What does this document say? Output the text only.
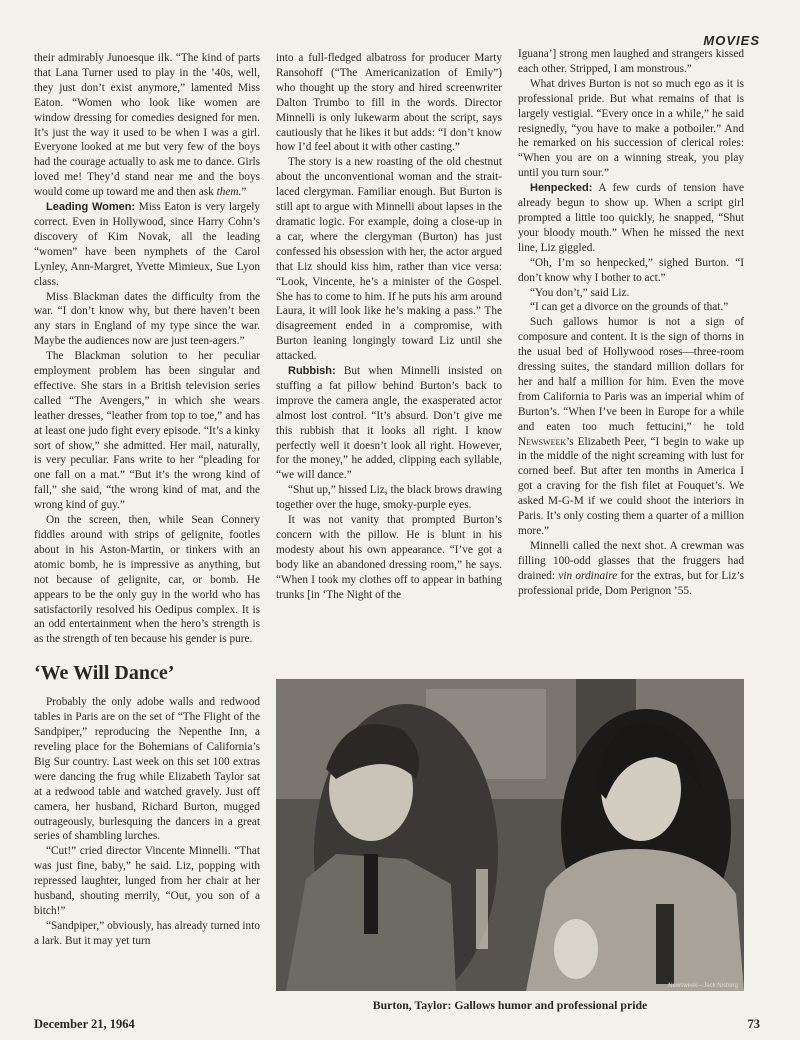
MOVIES

their admirably Junoesque ilk. “The kind of parts that Lana Turner used to play in the ’40s, well, they just don’t exist anymore,” lamented Miss Eaton. “Women who look like women are window dressing for comedies designed for men. It’s just the way it used to be when I was a girl. Everyone looked at me but very few of the boys had the courage actually to ask me to dance. Girls loved me! They’d stand near me and the boys would come up toward me and then ask them.”

Leading Women: Miss Eaton is very largely correct. Even in Hollywood, since Harry Cohn’s discovery of Kim Novak, all the leading “women” have been nymphets of the Carol Lynley, Ann-Margret, Yvette Mimieux, Sue Lyon class.

Miss Blackman dates the difficulty from the war. “I don’t know why, but there haven’t been any stars in England of my type since the war. Maybe the audiences now are just teen-agers.”

The Blackman solution to her peculiar employment problem has been singular and effective. She stars in a British television series called “The Avengers,” in which she wears leather dresses, “leather from top to toe,” and has at least one judo fight every episode. “It’s a kinky sort of show,” she admitted. Her mail, naturally, is very peculiar. Fans write to her “pleading for one fall on a mat.” “But it’s the wrong kind of fall,” she said, “the wrong kind of mat, and the wrong kind of guy.”

On the screen, then, while Sean Connery fiddles around with strips of gelignite, footles about in his Aston-Martin, or tinkers with an atomic bomb, he is impressive as anything, but not because of gelignite, car, or bomb. He appears to be the only guy in the world who has satisfactorily resolved his Oedipus complex. It is an odd entertainment when the hero’s strength is as the strength of ten because his gender is pure.

‘We Will Dance’

Probably the only adobe walls and redwood tables in Paris are on the set of “The Flight of the Sandpiper,” reproducing the Nepenthe Inn, a reveling place for the Bohemians of California’s Big Sur country. Last week on this set 100 extras were dancing the frug while Elizabeth Taylor sat at a redwood table and watched gravely. Just off camera, her husband, Richard Burton, mugged outrageously, burlesquing the dancers in a great series of shambling lurches.

“Cut!” cried director Vincente Minnelli. “That was just fine, baby,” he said. Liz, popping with repressed laughter, lunged from her chair at her husband, shouting merrily, “Out, you son of a bitch!”

“Sandpiper,” obviously, has already turned into a lark. But it may yet turn

into a full-fledged albatross for producer Marty Ransohoff (“The Americanization of Emily”) who thought up the story and hired screenwriter Dalton Trumbo to fill in the words. Director Minnelli is only lukewarm about the script, says cautiously that he likes it but adds: “I don’t know how I’d feel about it with other casting.”

The story is a new roasting of the old chestnut about the unconventional woman and the strait-laced clergyman. Familiar enough. But Burton is still apt to argue with Minnelli about lapses in the dramatic logic. For example, doing a close-up in a car, where the clergyman (Burton) has just confessed his obsession with her, the actor argued that Liz should kiss him, rather than vice versa: “Look, Vincente, he’s a minister of the Gospel. She has to come to him. If he puts his arm around Laura, it will look like he’s making a pass.” The disagreement ended in a compromise, with Burton leaning longingly toward Liz until she attacked.

Rubbish: But when Minnelli insisted on stuffing a fat pillow behind Burton’s back to improve the camera angle, the exasperated actor almost lost control. “It’s absurd. Don’t give me this rubbish that it looks all right. I know perfectly well it doesn’t look all right. However, for the money,” he added, clipping each syllable, “we will dance.”

“Shut up,” hissed Liz, the black brows drawing together over the huge, smoky-purple eyes.

It was not vanity that prompted Burton’s concern with the pillow. He is blunt in his modesty about his own appearance. “I’ve got a body like an abandoned dressing room,” he says. “When I took my clothes off to appear in bathing trunks [in ‘The Night of the

Iguana’] strong men laughed and strangers kissed each other. Stripped, I am monstrous.”

What drives Burton is not so much ego as it is professional pride. But what remains of that is largely vestigial. “Every once in a while,” he said resignedly, “you have to make a potboiler.” And he remarked on his succession of clerical roles: “When you are on a winning streak, you play until you turn sour.”

Henpecked: A few curds of tension have already begun to show up. When a script girl prompted a little too quickly, he snapped, “Shut your bloody mouth.” When he missed the next line, Liz giggled.

“Oh, I’m so henpecked,” sighed Burton. “I don’t know why I bother to act.”

“You don’t,” said Liz.

“I can get a divorce on the grounds of that.”

Such gallows humor is not a sign of composure and content. It is the sign of thorns in the usual bed of Hollywood roses—three-room dressing suites, the standard million dollars for her and half a million for him. Even the move from California to Paris was an imperial whim of Burton’s. “When I’ve been in Europe for a while and eaten too much fettucini,” he told Newsweek’s Elizabeth Peer, “I begin to wake up in the middle of the night screaming with lust for corned beef. But after ten months in America I got a craving for the fish filet at Fouquet’s. We asked M-G-M if we could shoot the interiors in Paris. It’s only costing them a quarter of a million more.”

Minnelli called the next shot. A crewman was filling 100-odd glasses that the fruggers had drained: vin ordinaire for the extras, but for Liz’s professional pride, Dom Perignon ’55.

Newsweek—Jack Nisberg
Burton, Taylor: Gallows humor and professional pride
December 21, 1964	73
